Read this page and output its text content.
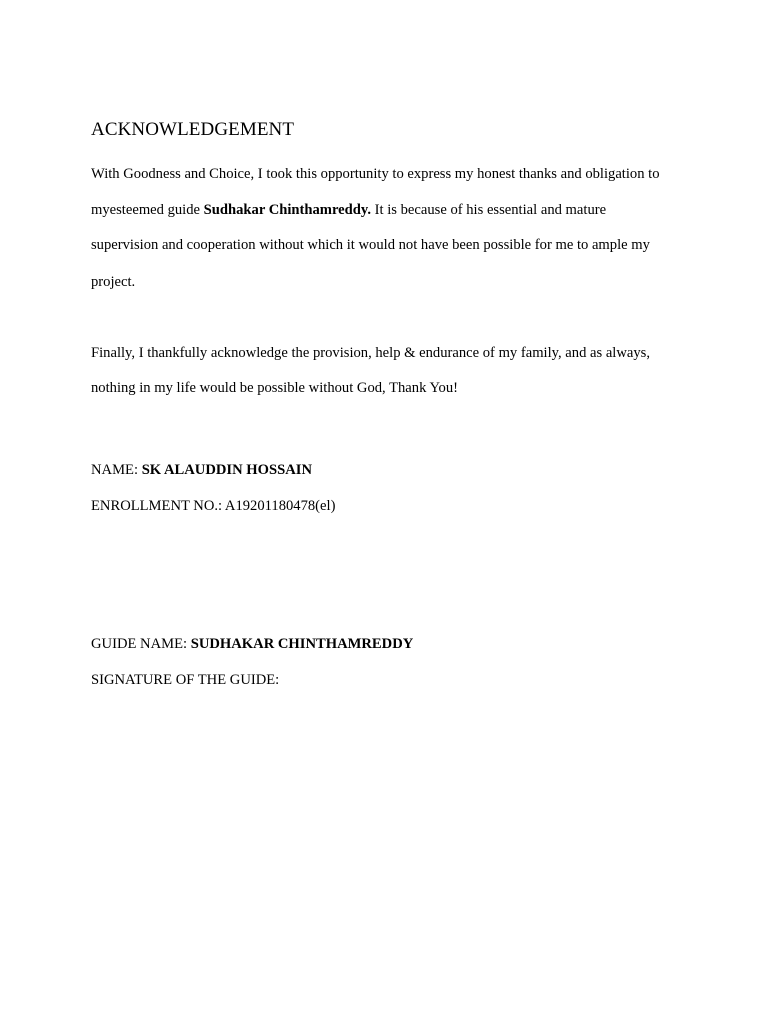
ACKNOWLEDGEMENT
With Goodness and Choice, I took this opportunity to express my honest thanks and obligation to
myesteemed guide Sudhakar Chinthamreddy. It is because of his essential and mature
supervision and cooperation without which it would not have been possible for me to ample my
project.
Finally, I thankfully acknowledge the provision, help & endurance of my family, and as always,
nothing in my life would be possible without God, Thank You!
NAME: SK ALAUDDIN HOSSAIN
ENROLLMENT NO.: A19201180478(el)
GUIDE NAME: SUDHAKAR CHINTHAMREDDY
SIGNATURE OF THE GUIDE:
